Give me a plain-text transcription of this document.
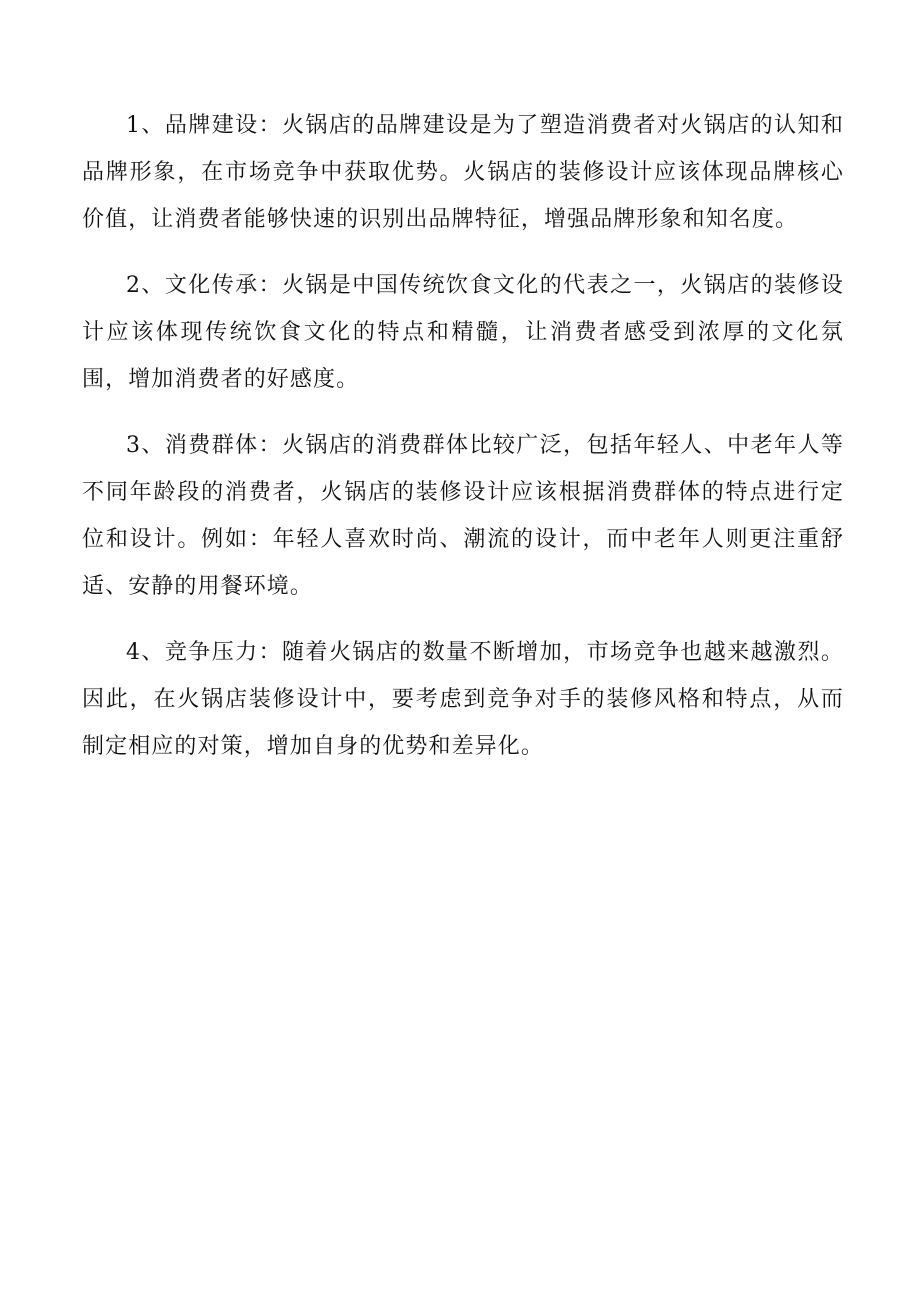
1、品牌建设：火锅店的品牌建设是为了塑造消费者对火锅店的认知和品牌形象，在市场竞争中获取优势。火锅店的装修设计应该体现品牌核心价值，让消费者能够快速的识别出品牌特征，增强品牌形象和知名度。

2、文化传承：火锅是中国传统饮食文化的代表之一，火锅店的装修设计应该体现传统饮食文化的特点和精髓，让消费者感受到浓厚的文化氛围，增加消费者的好感度。

3、消费群体：火锅店的消费群体比较广泛，包括年轻人、中老年人等不同年龄段的消费者，火锅店的装修设计应该根据消费群体的特点进行定位和设计。例如：年轻人喜欢时尚、潮流的设计，而中老年人则更注重舒适、安静的用餐环境。

4、竞争压力：随着火锅店的数量不断增加，市场竞争也越来越激烈。因此，在火锅店装修设计中，要考虑到竞争对手的装修风格和特点，从而制定相应的对策，增加自身的优势和差异化。
